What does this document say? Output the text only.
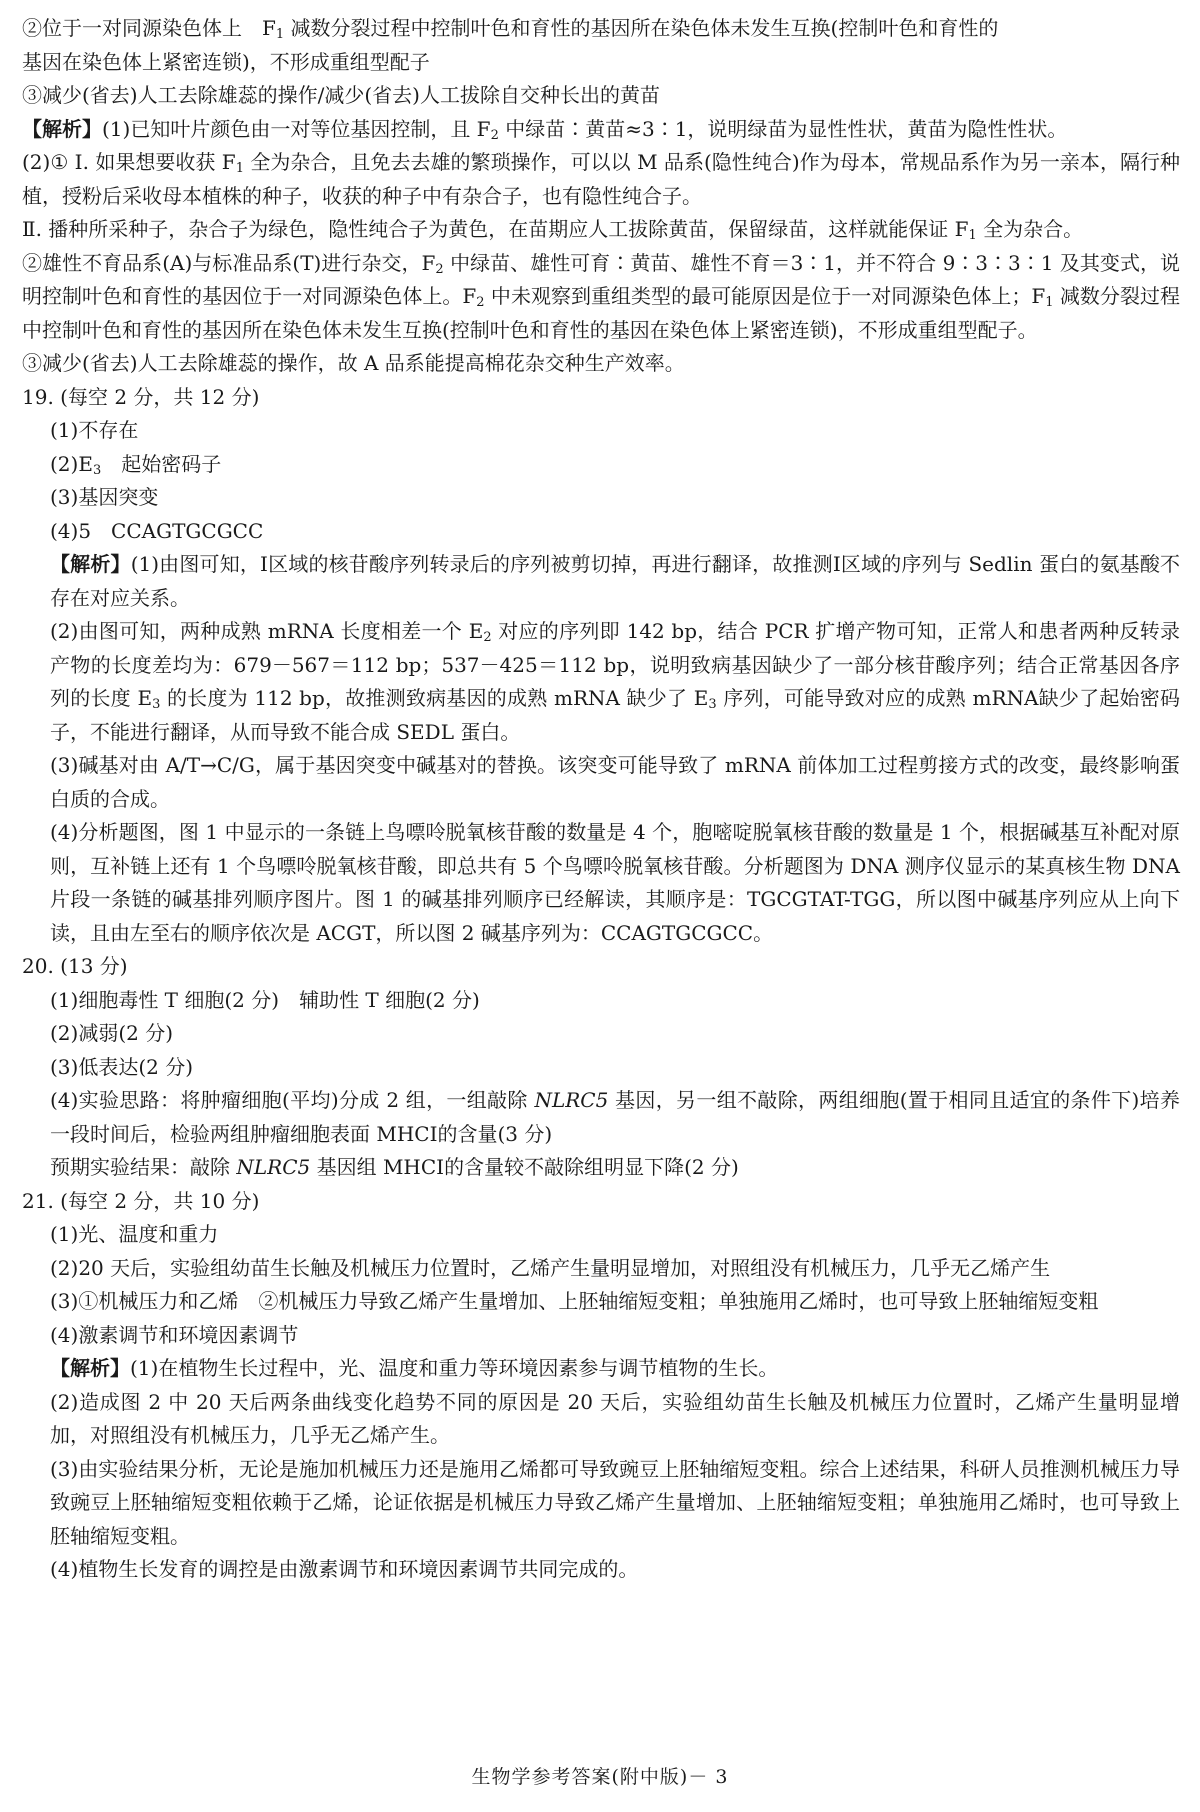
②位于一对同源染色体上　$F_1$ 减数分裂过程中控制叶色和育性的基因所在染色体未发生互换(控制叶色和育性的

基因在染色体上紧密连锁)，不形成重组型配子

③减少(省去)人工去除雄蕊的操作/减少(省去)人工拔除自交种长出的黄苗

【解析】(1)已知叶片颜色由一对等位基因控制，且 $F_2$ 中绿苗∶黄苗≈3∶1，说明绿苗为显性性状，黄苗为隐性性状。

(2)① Ⅰ. 如果想要收获 $F_1$ 全为杂合，且免去去雄的繁琐操作，可以以 M 品系(隐性纯合)作为母本，常规品系作为另一亲本，隔行种植，授粉后采收母本植株的种子，收获的种子中有杂合子，也有隐性纯合子。

Ⅱ. 播种所采种子，杂合子为绿色，隐性纯合子为黄色，在苗期应人工拔除黄苗，保留绿苗，这样就能保证 $F_1$ 全为杂合。

②雄性不育品系(A)与标准品系(T)进行杂交，$F_2$ 中绿苗、雄性可育∶黄苗、雄性不育＝3∶1，并不符合 9∶3∶3∶1 及其变式，说明控制叶色和育性的基因位于一对同源染色体上。$F_2$ 中未观察到重组类型的最可能原因是位于一对同源染色体上；$F_1$ 减数分裂过程中控制叶色和育性的基因所在染色体未发生互换(控制叶色和育性的基因在染色体上紧密连锁)，不形成重组型配子。

③减少(省去)人工去除雄蕊的操作，故 A 品系能提高棉花杂交种生产效率。

19. (每空 2 分，共 12 分)

(1)不存在

$(2)E_3$　起始密码子

(3)基因突变

(4)5　CCAGTGCGCC

【解析】(1)由图可知，Ⅰ区域的核苷酸序列转录后的序列被剪切掉，再进行翻译，故推测Ⅰ区域的序列与 Sedlin 蛋白的氨基酸不存在对应关系。

(2)由图可知，两种成熟 mRNA 长度相差一个 $E_2$ 对应的序列即 142 bp，结合 PCR 扩增产物可知，正常人和患者两种反转录产物的长度差均为：679－567＝112 bp；537－425＝112 bp，说明致病基因缺少了一部分核苷酸序列；结合正常基因各序列的长度 $E_3$ 的长度为 112 bp，故推测致病基因的成熟 mRNA 缺少了 $E_3$ 序列，可能导致对应的成熟 mRNA缺少了起始密码子，不能进行翻译，从而导致不能合成 SEDL 蛋白。

(3)碱基对由 A/T→C/G，属于基因突变中碱基对的替换。该突变可能导致了 mRNA 前体加工过程剪接方式的改变，最终影响蛋白质的合成。

(4)分析题图，图 1 中显示的一条链上鸟嘌呤脱氧核苷酸的数量是 4 个，胞嘧啶脱氧核苷酸的数量是 1 个，根据碱基互补配对原则，互补链上还有 1 个鸟嘌呤脱氧核苷酸，即总共有 5 个鸟嘌呤脱氧核苷酸。分析题图为 DNA 测序仪显示的某真核生物 DNA 片段一条链的碱基排列顺序图片。图 1 的碱基排列顺序已经解读，其顺序是：TGCGTAT-TGG，所以图中碱基序列应从上向下读，且由左至右的顺序依次是 ACGT，所以图 2 碱基序列为：CCAGTGCGCC。

20. (13 分)

(1)细胞毒性 T 细胞(2 分)　辅助性 T 细胞(2 分)

(2)减弱(2 分)

(3)低表达(2 分)

(4)实验思路：将肿瘤细胞(平均)分成 2 组，一组敲除 NLRC5 基因，另一组不敲除，两组细胞(置于相同且适宜的条件下)培养一段时间后，检验两组肿瘤细胞表面 MHCⅠ的含量(3 分)

预期实验结果：敲除 NLRC5 基因组 MHCⅠ的含量较不敲除组明显下降(2 分)

21. (每空 2 分，共 10 分)

(1)光、温度和重力

(2)20 天后，实验组幼苗生长触及机械压力位置时，乙烯产生量明显增加，对照组没有机械压力，几乎无乙烯产生

(3)①机械压力和乙烯　②机械压力导致乙烯产生量增加、上胚轴缩短变粗；单独施用乙烯时，也可导致上胚轴缩短变粗

(4)激素调节和环境因素调节

【解析】(1)在植物生长过程中，光、温度和重力等环境因素参与调节植物的生长。

(2)造成图 2 中 20 天后两条曲线变化趋势不同的原因是 20 天后，实验组幼苗生长触及机械压力位置时，乙烯产生量明显增加，对照组没有机械压力，几乎无乙烯产生。

(3)由实验结果分析，无论是施加机械压力还是施用乙烯都可导致豌豆上胚轴缩短变粗。综合上述结果，科研人员推测机械压力导致豌豆上胚轴缩短变粗依赖于乙烯，论证依据是机械压力导致乙烯产生量增加、上胚轴缩短变粗；单独施用乙烯时，也可导致上胚轴缩短变粗。

(4)植物生长发育的调控是由激素调节和环境因素调节共同完成的。

生物学参考答案(附中版)－ 3
